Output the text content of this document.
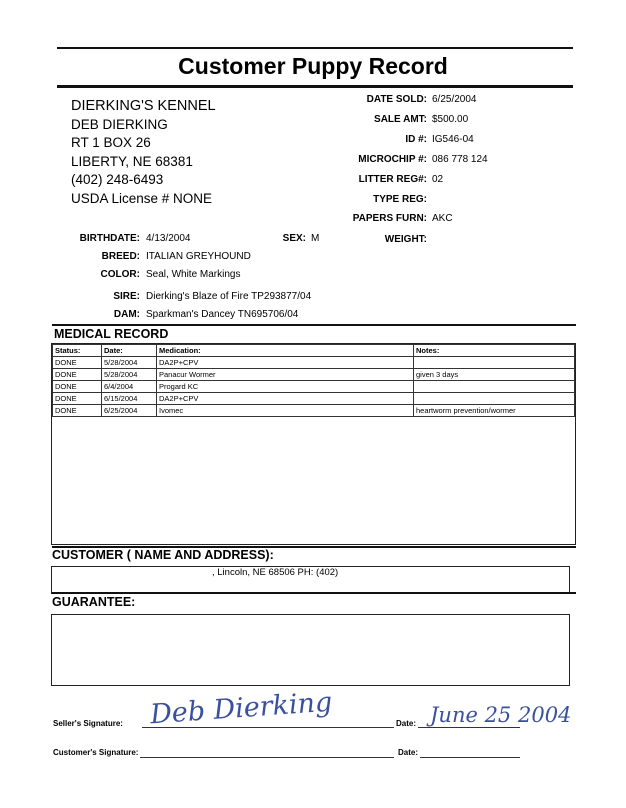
Customer Puppy Record
DIERKING'S KENNEL
DEB DIERKING
RT 1 BOX 26
LIBERTY, NE 68381
(402) 248-6493
USDA License # NONE
DATE SOLD: 6/25/2004
SALE AMT: $500.00
ID #: IG546-04
MICROCHIP #: 086 778 124
LITTER REG#: 02
TYPE REG:
PAPERS FURN: AKC
WEIGHT:
BIRTHDATE: 4/13/2004	SEX: M
BREED: ITALIAN GREYHOUND
COLOR: Seal, White Markings
SIRE: Dierking's Blaze of Fire TP293877/04
DAM: Sparkman's Dancey TN695706/04
MEDICAL RECORD
Status:	Date:	Medication:	Notes:
DONE	5/28/2004	DA2P+CPV	
DONE	5/28/2004	Panacur Wormer	given 3 days
DONE	6/4/2004	Progard KC	
DONE	6/15/2004	DA2P+CPV	
DONE	6/25/2004	Ivomec	heartworm prevention/wormer
CUSTOMER ( NAME AND ADDRESS):
, Lincoln, NE 68506 PH: (402)
GUARANTEE:
Seller's Signature: Deb Dierking	Date: June 25 2004
Customer's Signature:	Date:
